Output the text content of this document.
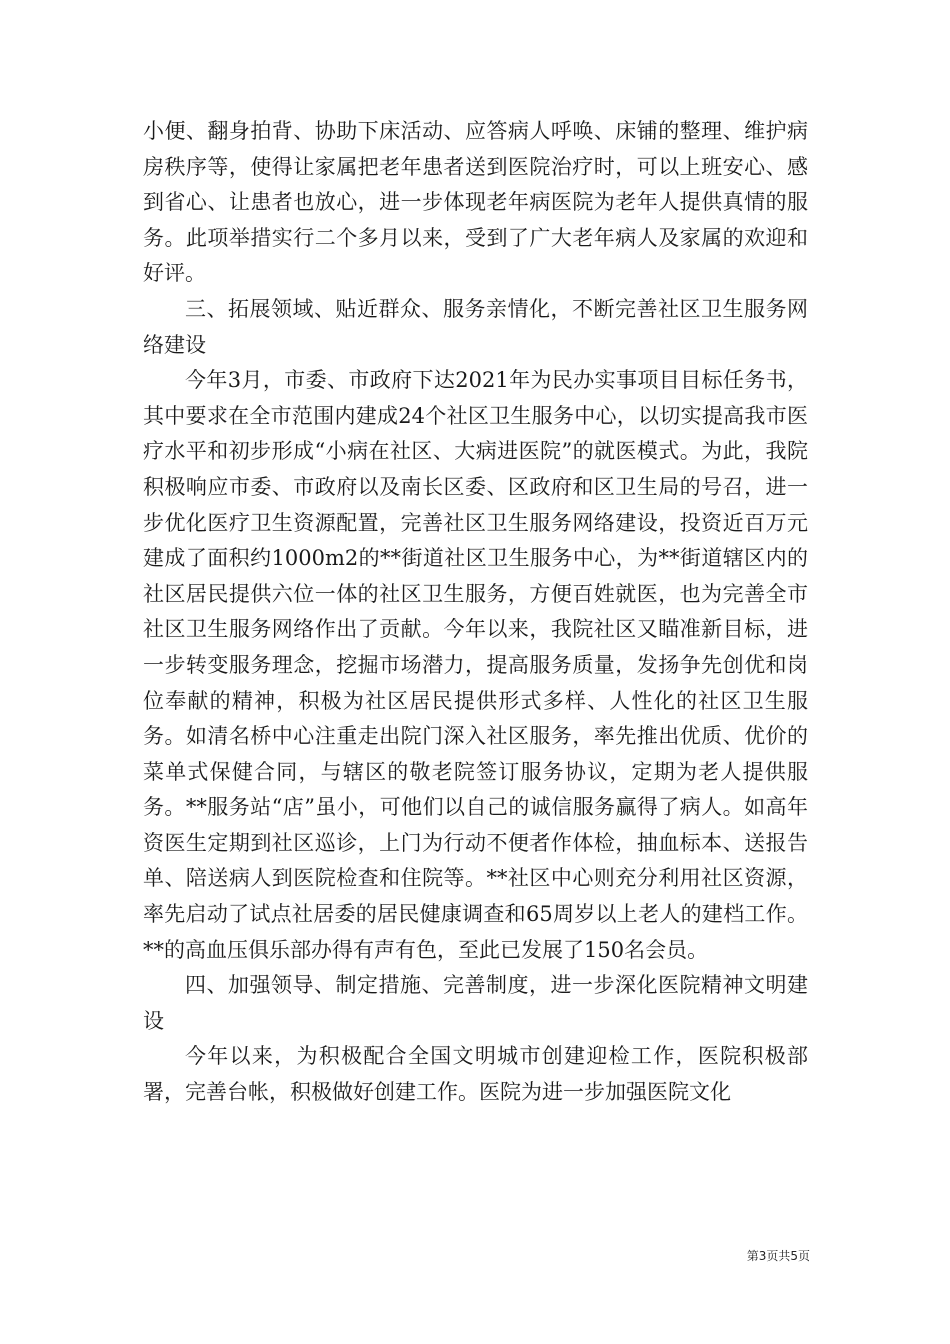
小便、翻身拍背、协助下床活动、应答病人呼唤、床铺的整理、维护病房秩序等，使得让家属把老年患者送到医院治疗时，可以上班安心、感到省心、让患者也放心，进一步体现老年病医院为老年人提供真情的服务。此项举措实行二个多月以来，受到了广大老年病人及家属的欢迎和好评。

三、拓展领域、贴近群众、服务亲情化，不断完善社区卫生服务网络建设

今年3月，市委、市政府下达2021年为民办实事项目目标任务书，其中要求在全市范围内建成24个社区卫生服务中心，以切实提高我市医疗水平和初步形成“小病在社区、大病进医院”的就医模式。为此，我院积极响应市委、市政府以及南长区委、区政府和区卫生局的号召，进一步优化医疗卫生资源配置，完善社区卫生服务网络建设，投资近百万元建成了面积约1000m2的**街道社区卫生服务中心，为**街道辖区内的社区居民提供六位一体的社区卫生服务，方便百姓就医，也为完善全市社区卫生服务网络作出了贡献。今年以来，我院社区又瞄准新目标，进一步转变服务理念，挖掘市场潜力，提高服务质量，发扬争先创优和岗位奉献的精神，积极为社区居民提供形式多样、人性化的社区卫生服务。如清名桥中心注重走出院门深入社区服务，率先推出优质、优价的菜单式保健合同，与辖区的敬老院签订服务协议，定期为老人提供服务。**服务站“店”虽小，可他们以自己的诚信服务赢得了病人。如高年资医生定期到社区巡诊，上门为行动不便者作体检，抽血标本、送报告单、陪送病人到医院检查和住院等。**社区中心则充分利用社区资源，率先启动了试点社居委的居民健康调查和65周岁以上老人的建档工作。**的高血压俱乐部办得有声有色，至此已发展了150名会员。

四、加强领导、制定措施、完善制度，进一步深化医院精神文明建设

今年以来，为积极配合全国文明城市创建迎检工作，医院积极部署，完善台帐，积极做好创建工作。医院为进一步加强医院文化

第3页共5页
